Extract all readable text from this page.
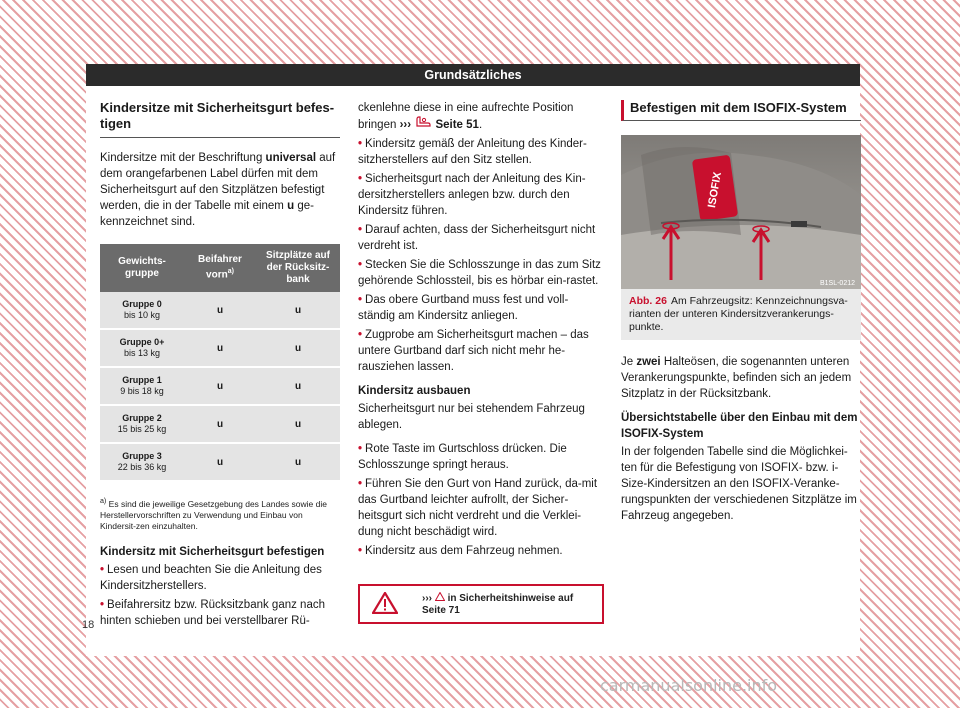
Grundsätzliches
Kindersitze mit Sicherheitsgurt befes-tigen

Kindersitze mit der Beschriftung universal auf dem orangefarbenen Label dürfen mit dem Sicherheitsgurt auf den Sitzplätzen befestigt werden, die in der Tabelle mit einem u ge-kennzeichnet sind.

Gewichts-gruppe	Beifahrer vorn$^{a)}$	Sitzplätze auf der Rücksitz-bank
Gruppe 0
bis 10 kg	u	u
Gruppe 0+
bis 13 kg	u	u
Gruppe 1
9 bis 18 kg	u	u
Gruppe 2
15 bis 25 kg	u	u
Gruppe 3
22 bis 36 kg	u	u
$^{a)}$ Es sind die jeweilige Gesetzgebung des Landes sowie die Herstellervorschriften zu Verwendung und Einbau von Kindersit-zen einzuhalten.
Kindersitz mit Sicherheitsgurt befestigen
• Lesen und beachten Sie die Anleitung des Kindersitzherstellers.
• Beifahrersitz bzw. Rücksitzbank ganz nach hinten schieben und bei verstellbarer Rü-

ckenlehne diese in eine aufrechte Position bringen ››› Seite 51.

• Kindersitz gemäß der Anleitung des Kinder-sitzherstellers auf den Sitz stellen.
• Sicherheitsgurt nach der Anleitung des Kin-dersitzherstellers anlegen bzw. durch den Kindersitz führen.
• Darauf achten, dass der Sicherheitsgurt nicht verdreht ist.
• Stecken Sie die Schlosszunge in das zum Sitz gehörende Schlossteil, bis es hörbar ein-rastet.
• Das obere Gurtband muss fest und voll-ständig am Kindersitz anliegen.
• Zugprobe am Sicherheitsgurt machen – das untere Gurtband darf sich nicht mehr he-rausziehen lassen.
Kindersitz ausbauen

Sicherheitsgurt nur bei stehendem Fahrzeug ablegen.

• Rote Taste im Gurtschloss drücken. Die Schlosszunge springt heraus.
• Führen Sie den Gurt von Hand zurück, da-mit das Gurtband leichter aufrollt, der Sicher-heitsgurt sich nicht verdreht und die Verklei-dung nicht beschädigt wird.
• Kindersitz aus dem Fahrzeug nehmen.
››› in Sicherheitshinweise auf
Seite 71
Befestigen mit dem ISOFIX-System
ISOFIX
B1SL-0212
Abb. 26 Am Fahrzeugsitz: Kennzeichnungsva-rianten der unteren Kindersitzverankerungs-punkte.

Je zwei Halteösen, die sogenannten unteren Verankerungspunkte, befinden sich an jedem Sitzplatz in der Rücksitzbank.

Übersichtstabelle über den Einbau mit dem ISOFIX-System

In der folgenden Tabelle sind die Möglichkei-ten für die Befestigung von ISOFIX- bzw. i-Size-Kindersitzen an den ISOFIX-Veranke-rungspunkten der verschiedenen Sitzplätze im Fahrzeug angegeben.

18
carmanualsonline.info
